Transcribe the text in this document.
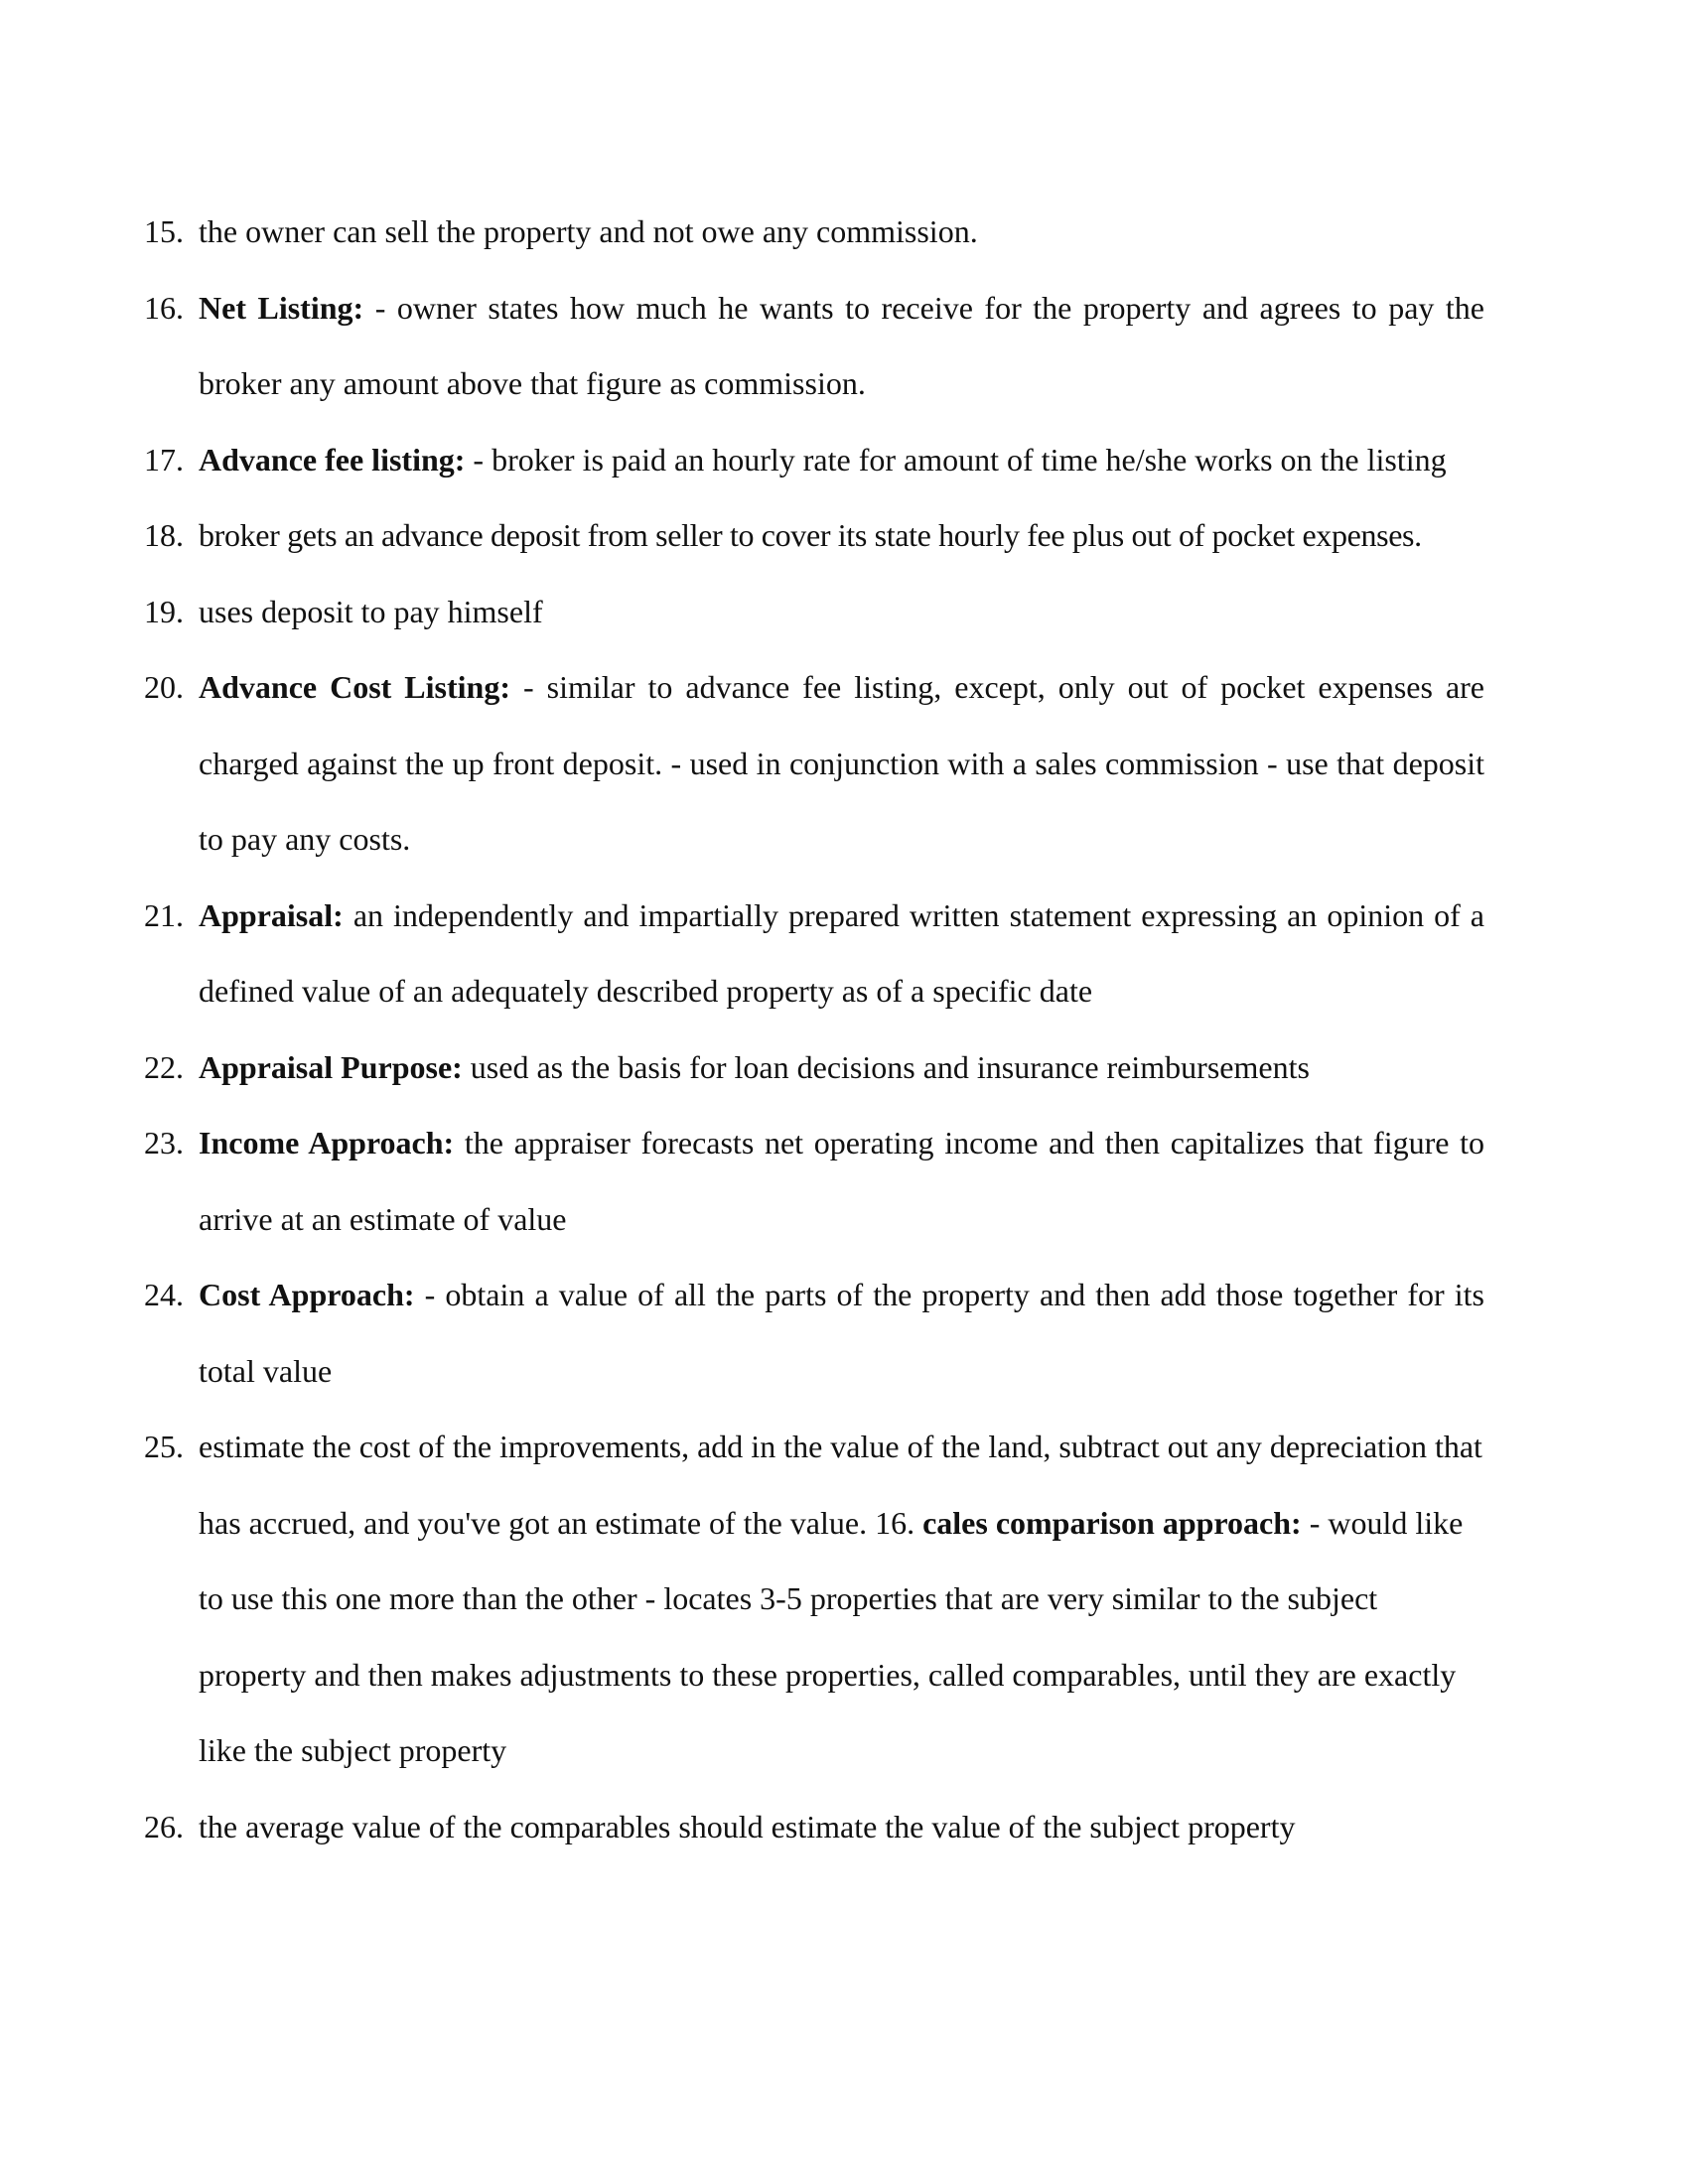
15. the owner can sell the property and not owe any commission.
16. Net Listing: - owner states how much he wants to receive for the property and agrees to pay the broker any amount above that figure as commission.
17. Advance fee listing: - broker is paid an hourly rate for amount of time he/she works on the listing
18. broker gets an advance deposit from seller to cover its state hourly fee plus out of pocket expenses.
19. uses deposit to pay himself
20. Advance Cost Listing: - similar to advance fee listing, except, only out of pocket expenses are charged against the up front deposit. - used in conjunction with a sales commission - use that deposit to pay any costs.
21. Appraisal: an independently and impartially prepared written statement expressing an opinion of a defined value of an adequately described property as of a specific date
22. Appraisal Purpose: used as the basis for loan decisions and insurance reimbursements
23. Income Approach: the appraiser forecasts net operating income and then capitalizes that figure to arrive at an estimate of value
24. Cost Approach: - obtain a value of all the parts of the property and then add those together for its total value
25. estimate the cost of the improvements, add in the value of the land, subtract out any depreciation that has accrued, and you've got an estimate of the value. 16. cales comparison approach: - would like to use this one more than the other - locates 3-5 properties that are very similar to the subject property and then makes adjustments to these properties, called comparables, until they are exactly like the subject property
26. the average value of the comparables should estimate the value of the subject property
